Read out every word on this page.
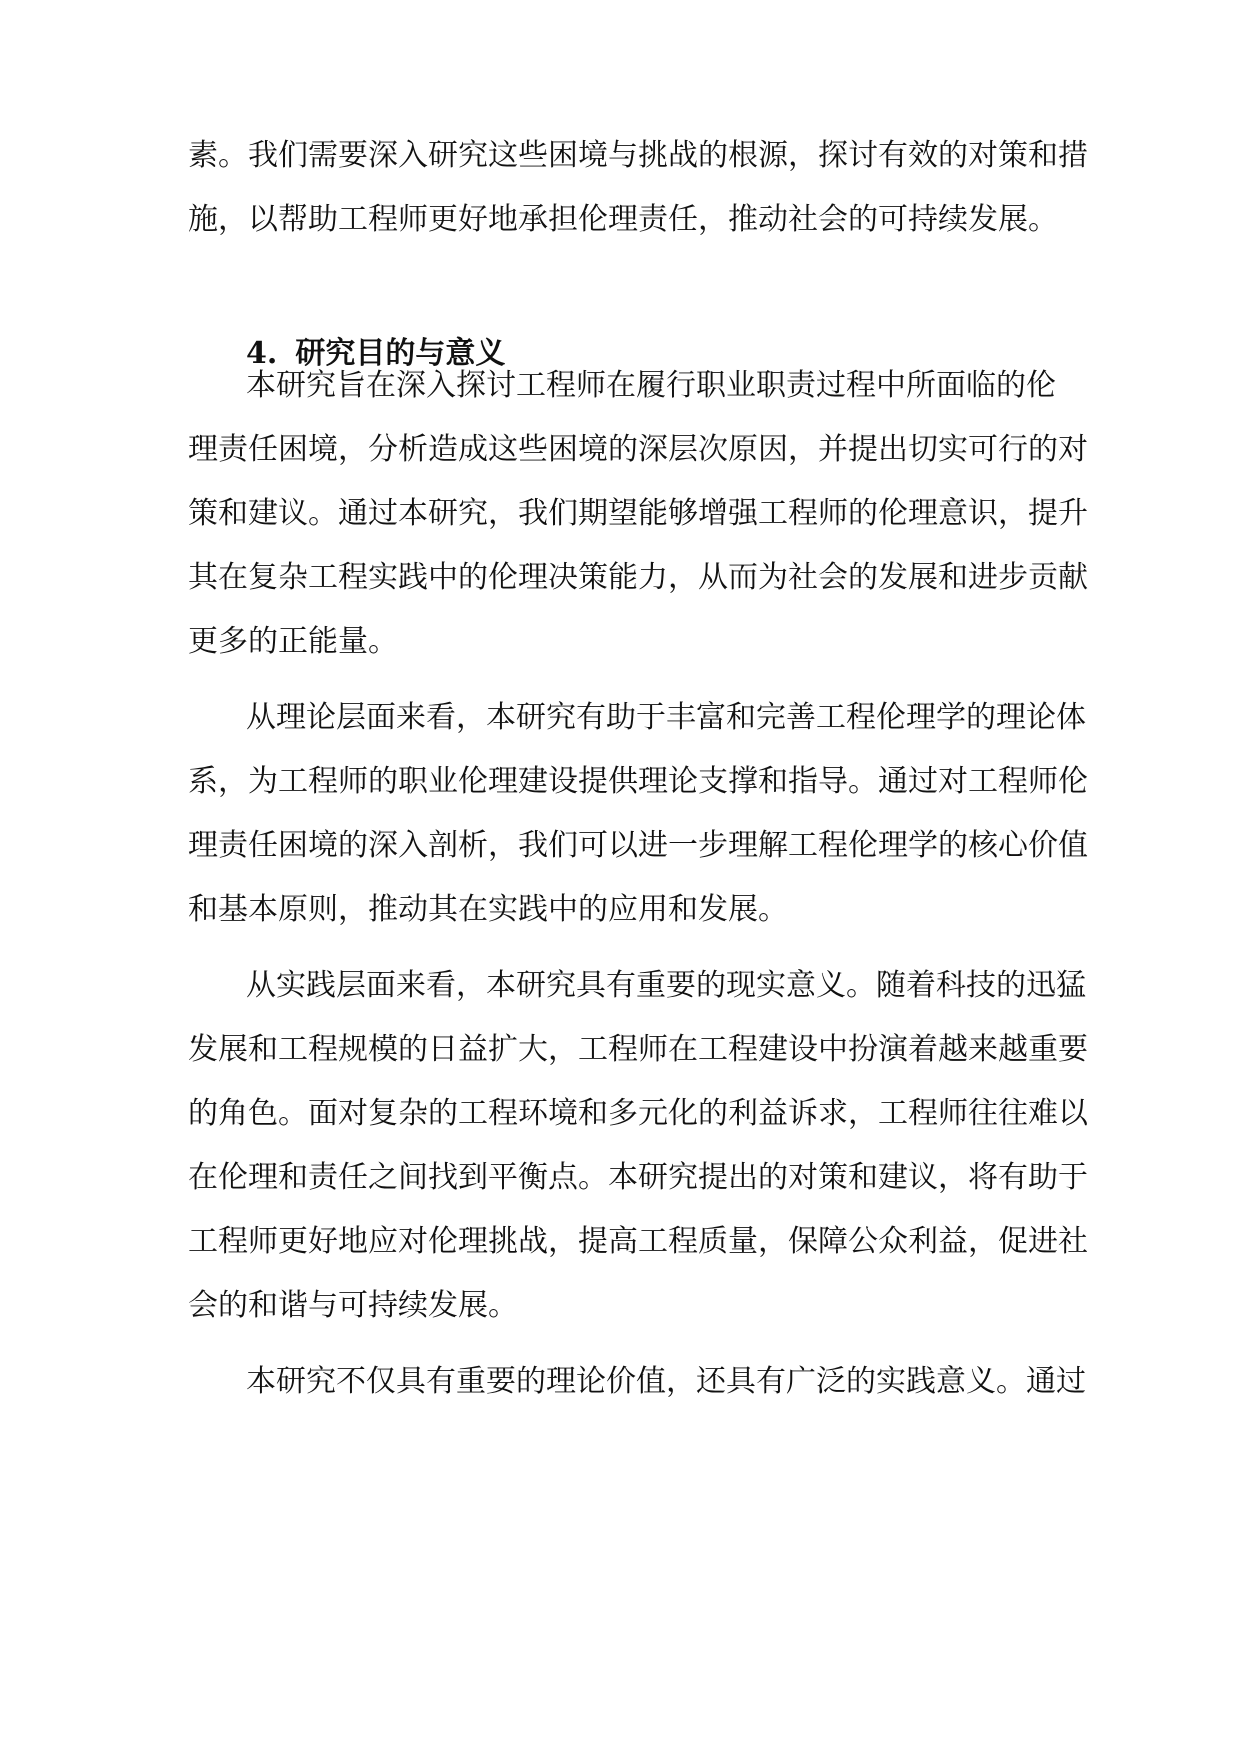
素。我们需要深入研究这些困境与挑战的根源，探讨有效的对策和措
施，以帮助工程师更好地承担伦理责任，推动社会的可持续发展。
4. 研究目的与意义
本研究旨在深入探讨工程师在履行职业职责过程中所面临的伦
理责任困境，分析造成这些困境的深层次原因，并提出切实可行的对
策和建议。通过本研究，我们期望能够增强工程师的伦理意识，提升
其在复杂工程实践中的伦理决策能力，从而为社会的发展和进步贡献
更多的正能量。
从理论层面来看，本研究有助于丰富和完善工程伦理学的理论体
系，为工程师的职业伦理建设提供理论支撑和指导。通过对工程师伦
理责任困境的深入剖析，我们可以进一步理解工程伦理学的核心价值
和基本原则，推动其在实践中的应用和发展。
从实践层面来看，本研究具有重要的现实意义。随着科技的迅猛
发展和工程规模的日益扩大，工程师在工程建设中扮演着越来越重要
的角色。面对复杂的工程环境和多元化的利益诉求，工程师往往难以
在伦理和责任之间找到平衡点。本研究提出的对策和建议，将有助于
工程师更好地应对伦理挑战，提高工程质量，保障公众利益，促进社
会的和谐与可持续发展。
本研究不仅具有重要的理论价值，还具有广泛的实践意义。通过
